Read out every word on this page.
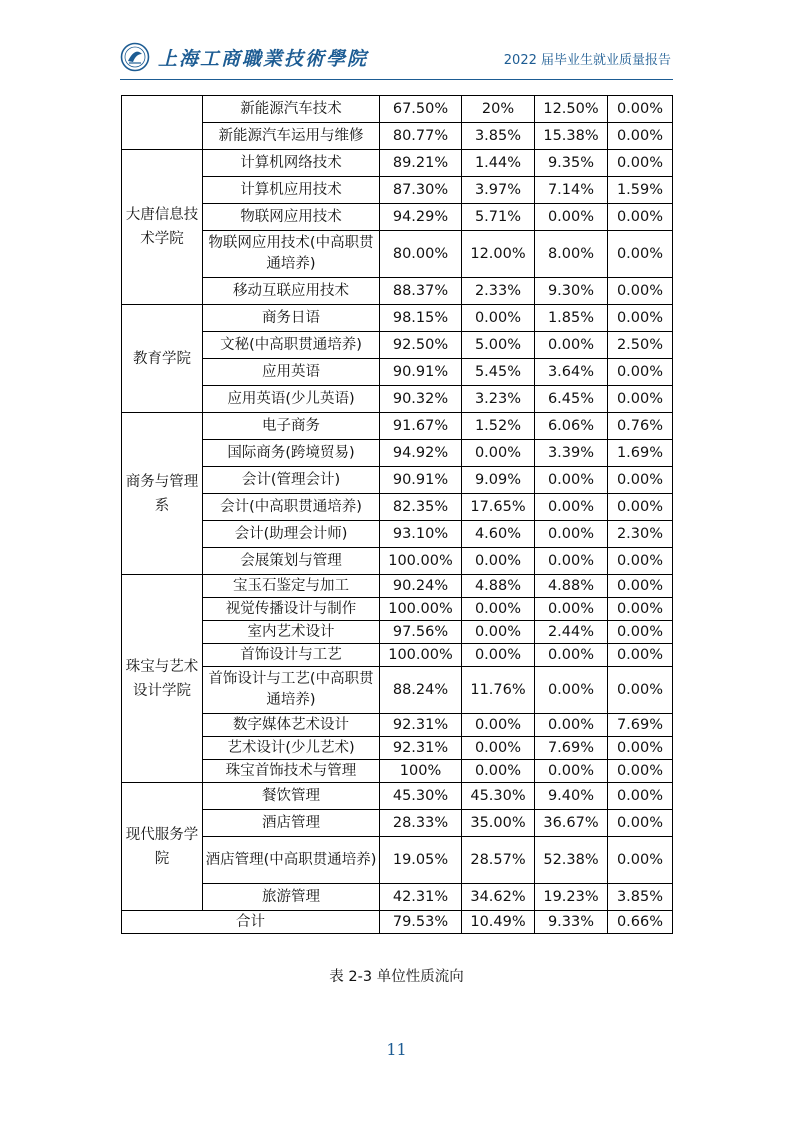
上海工商職業技術學院	2022 届毕业生就业质量报告
	新能源汽车技术	67.50%	20%	12.50%	0.00%
	新能源汽车运用与维修	80.77%	3.85%	15.38%	0.00%
大唐信息技术学院	计算机网络技术	89.21%	1.44%	9.35%	0.00%
	计算机应用技术	87.30%	3.97%	7.14%	1.59%
	物联网应用技术	94.29%	5.71%	0.00%	0.00%
	物联网应用技术(中高职贯通培养)	80.00%	12.00%	8.00%	0.00%
	移动互联应用技术	88.37%	2.33%	9.30%	0.00%
教育学院	商务日语	98.15%	0.00%	1.85%	0.00%
	文秘(中高职贯通培养)	92.50%	5.00%	0.00%	2.50%
	应用英语	90.91%	5.45%	3.64%	0.00%
	应用英语(少儿英语)	90.32%	3.23%	6.45%	0.00%
商务与管理系	电子商务	91.67%	1.52%	6.06%	0.76%
	国际商务(跨境贸易)	94.92%	0.00%	3.39%	1.69%
	会计(管理会计)	90.91%	9.09%	0.00%	0.00%
	会计(中高职贯通培养)	82.35%	17.65%	0.00%	0.00%
	会计(助理会计师)	93.10%	4.60%	0.00%	2.30%
	会展策划与管理	100.00%	0.00%	0.00%	0.00%
珠宝与艺术设计学院	宝玉石鉴定与加工	90.24%	4.88%	4.88%	0.00%
	视觉传播设计与制作	100.00%	0.00%	0.00%	0.00%
	室内艺术设计	97.56%	0.00%	2.44%	0.00%
	首饰设计与工艺	100.00%	0.00%	0.00%	0.00%
	首饰设计与工艺(中高职贯通培养)	88.24%	11.76%	0.00%	0.00%
	数字媒体艺术设计	92.31%	0.00%	0.00%	7.69%
	艺术设计(少儿艺术)	92.31%	0.00%	7.69%	0.00%
	珠宝首饰技术与管理	100%	0.00%	0.00%	0.00%
现代服务学院	餐饮管理	45.30%	45.30%	9.40%	0.00%
	酒店管理	28.33%	35.00%	36.67%	0.00%
	酒店管理(中高职贯通培养)	19.05%	28.57%	52.38%	0.00%
	旅游管理	42.31%	34.62%	19.23%	3.85%
合计		79.53%	10.49%	9.33%	0.66%
表 2-3 单位性质流向
11
